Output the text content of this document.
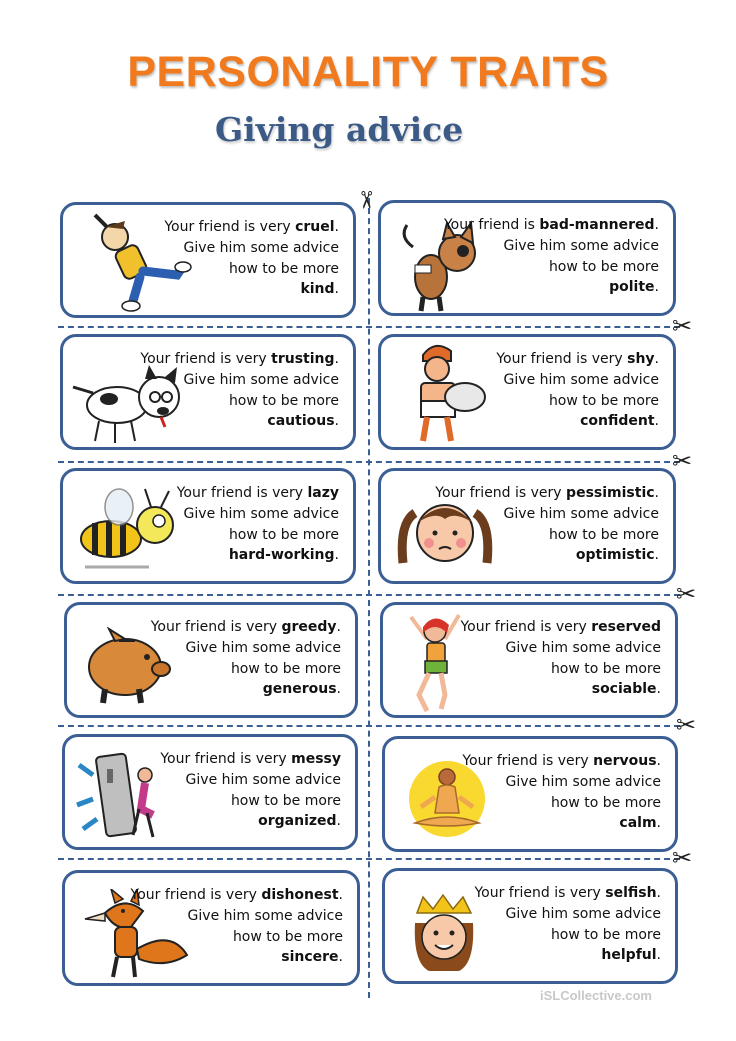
PERSONALITY TRAITS
Giving advice
✂
✂
✂
✂
✂
✂
Your friend is very cruel.
Give him some advice
how to be more
kind.
Your friend is bad-mannered.
Give him some advice
how to be more
polite.
Your friend is very trusting.
Give him some advice
how to be more
cautious.
Your friend is very shy.
Give him some advice
how to be more
confident.
Your friend is very lazy
Give him some advice
how to be more
hard-working.
Your friend is very pessimistic.
Give him some advice
how to be more
optimistic.
Your friend is very greedy.
Give him some advice
how to be more
generous.
Your friend is very reserved
Give him some advice
how to be more
sociable.
Your friend is very messy
Give him some advice
how to be more
organized.
Your friend is very nervous.
Give him some advice
how to be more
calm.
Your friend is very dishonest.
Give him some advice
how to be more
sincere.
Your friend is very selfish.
Give him some advice
how to be more
helpful.
iSLCollective.com
